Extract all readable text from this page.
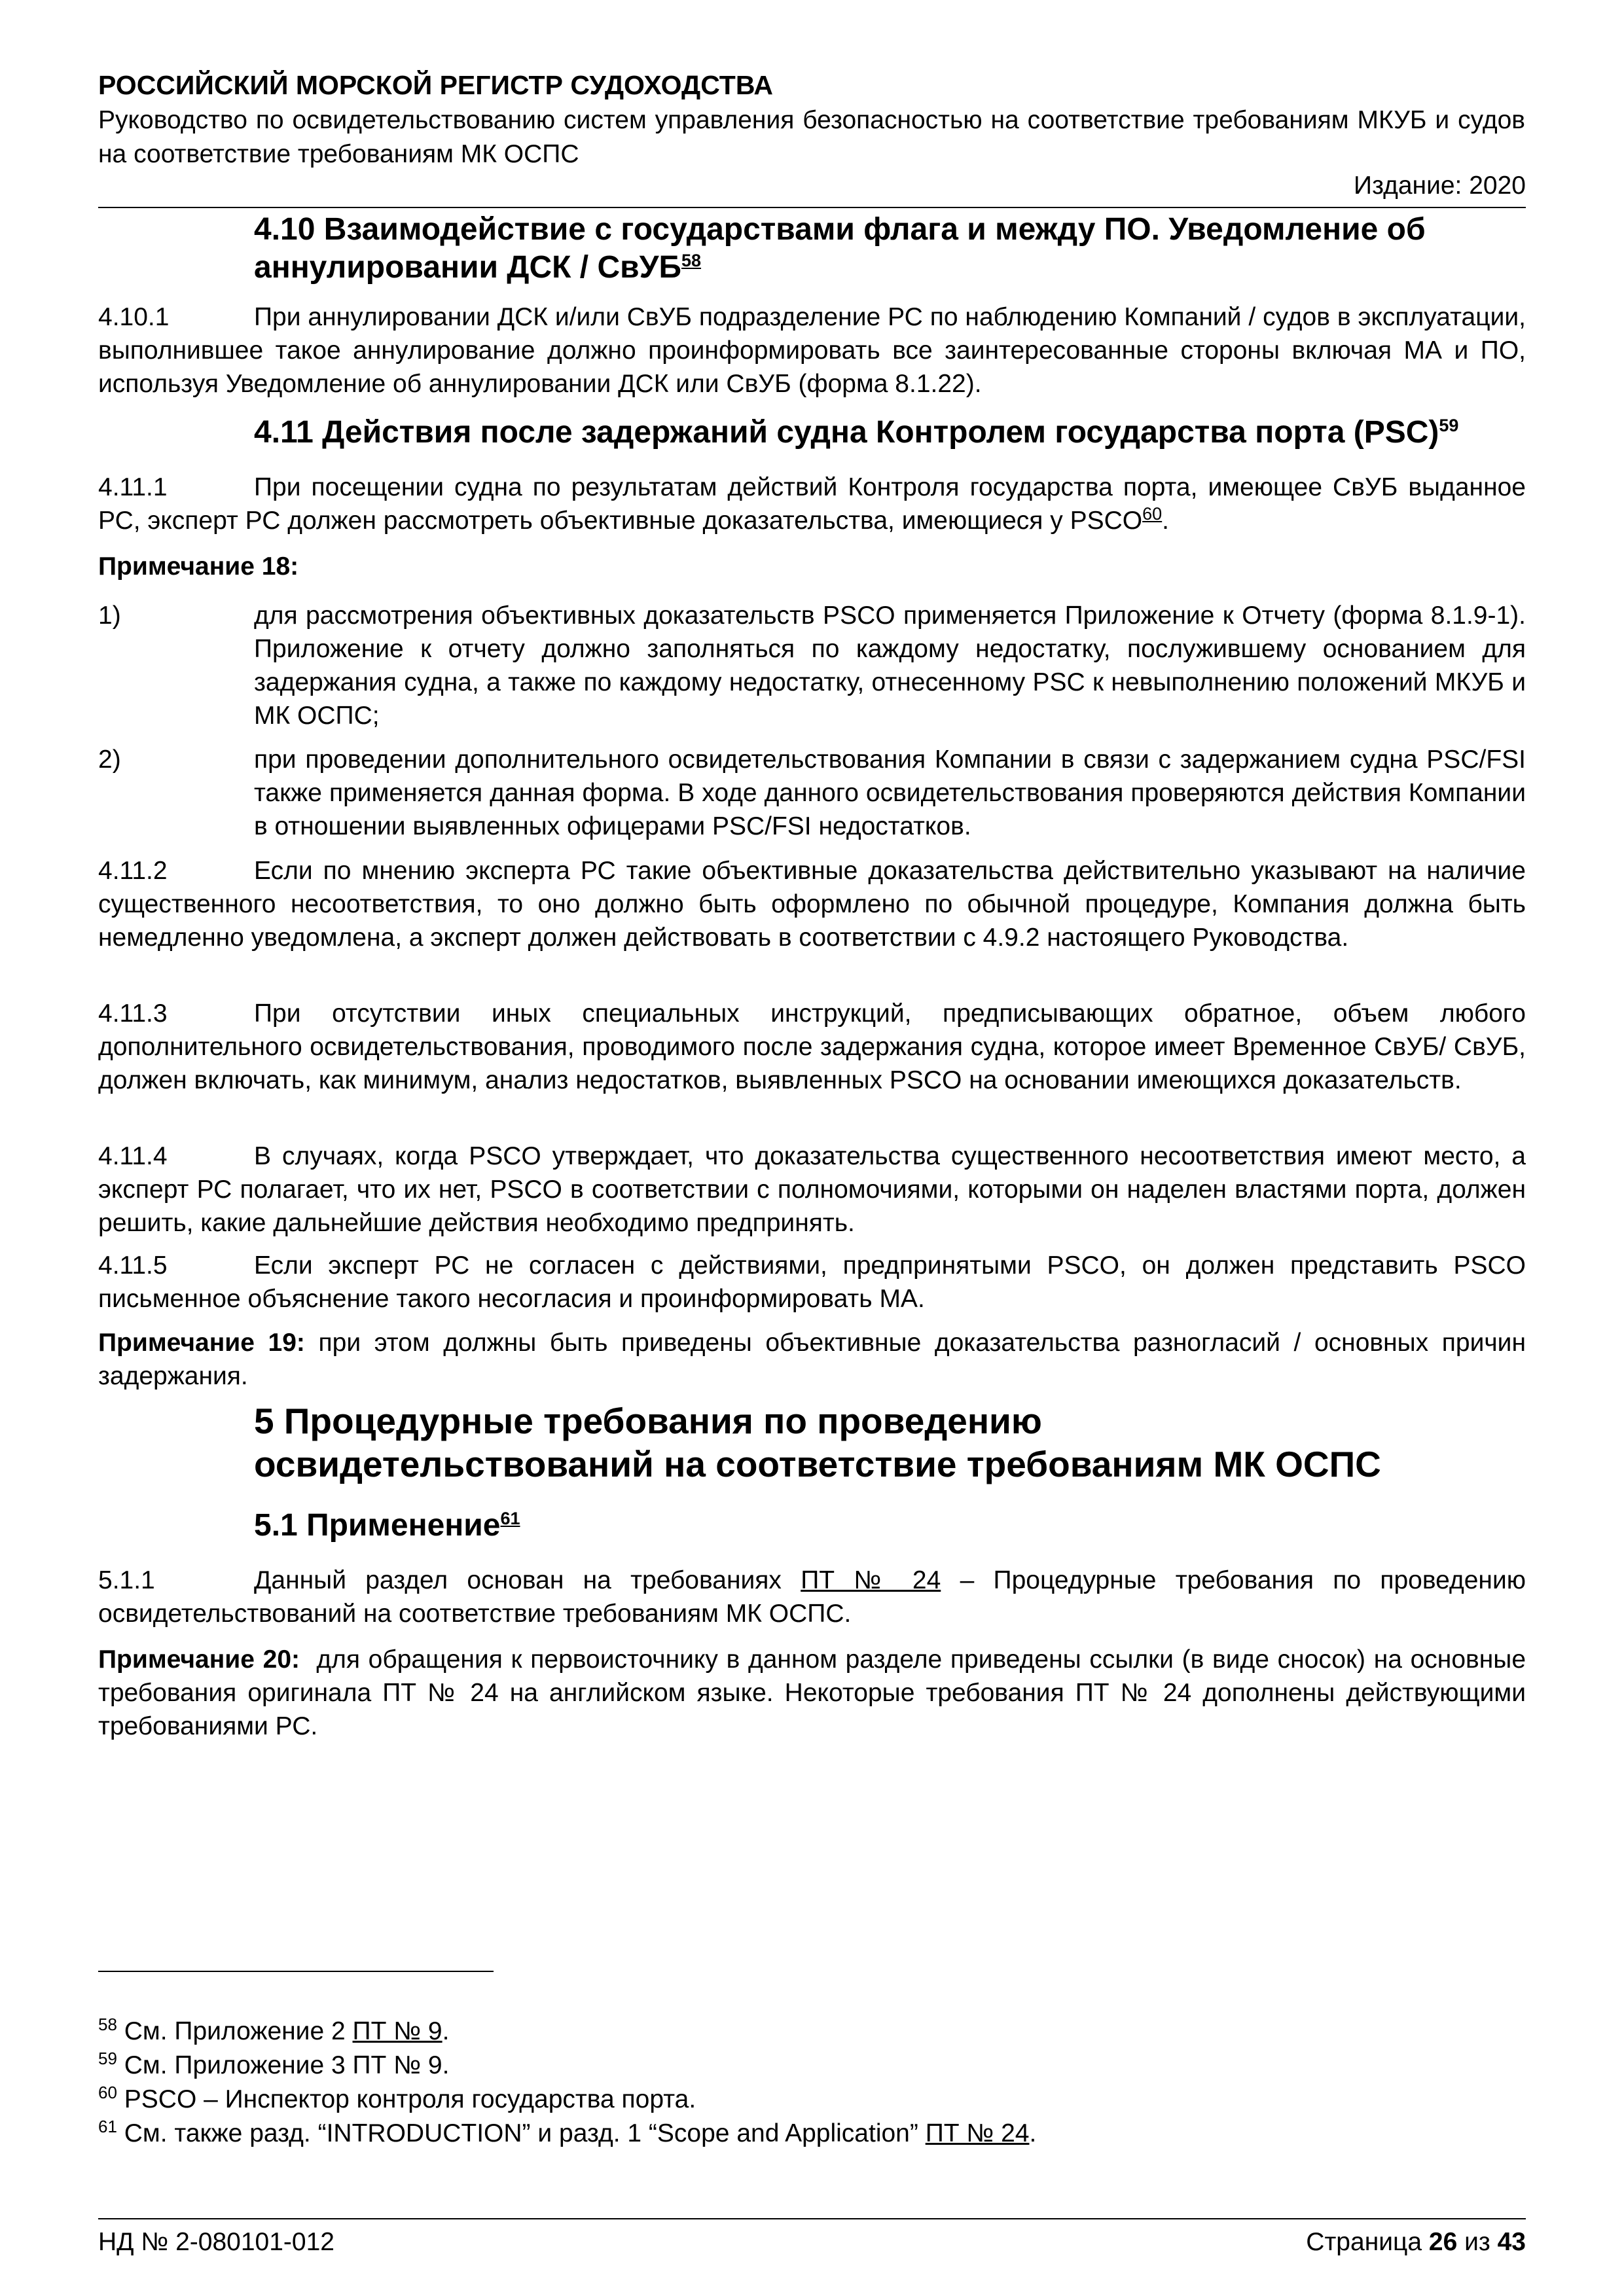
РОССИЙСКИЙ МОРСКОЙ РЕГИСТР СУДОХОДСТВА
Руководство по освидетельствованию систем управления безопасностью на соответствие требованиям МКУБ и судов на соответствие требованиям МК ОСПС
Издание: 2020
4.10 Взаимодействие с государствами флага и между ПО. Уведомление об
аннулировании ДСК / СвУБ$^{58}$
4.10.1	При аннулировании ДСК и/или СвУБ подразделение РС по наблюдению Компаний / судов в эксплуатации, выполнившее такое аннулирование должно проинформировать все заинтересованные стороны включая МА и ПО, используя Уведомление об аннулировании ДСК или СвУБ (форма 8.1.22).
4.11 Действия после задержаний судна Контролем государства порта (PSC)$^{59}$
4.11.1	При посещении судна по результатам действий Контроля государства порта, имеющее СвУБ выданное РС, эксперт РС должен рассмотреть объективные доказательства, имеющиеся у PSCO$^{60}$.
Примечание 18:
1)	для рассмотрения объективных доказательств PSCO применяется Приложение к Отчету (форма 8.1.9-1). Приложение к отчету должно заполняться по каждому недостатку, послужившему основанием для задержания судна, а также по каждому недостатку, отнесенному PSC к невыполнению положений МКУБ и МК ОСПС;
2)	при проведении дополнительного освидетельствования Компании в связи с задержанием судна PSC/FSI также применяется данная форма. В ходе данного освидетельствования проверяются действия Компании в отношении выявленных офицерами PSC/FSI недостатков.
4.11.2	Если по мнению эксперта РС такие объективные доказательства действительно указывают на наличие существенного несоответствия, то оно должно быть оформлено по обычной процедуре, Компания должна быть немедленно уведомлена, а эксперт должен действовать в соответствии с 4.9.2 настоящего Руководства.
4.11.3	При отсутствии иных специальных инструкций, предписывающих обратное, объем любого дополнительного освидетельствования, проводимого после задержания судна, которое имеет Временное СвУБ/ СвУБ, должен включать, как минимум, анализ недостатков, выявленных PSCO на основании имеющихся доказательств.
4.11.4	В случаях, когда PSCO утверждает, что доказательства существенного несоответствия имеют место, а эксперт РС полагает, что их нет, PSCO в соответствии с полномочиями, которыми он наделен властями порта, должен решить, какие дальнейшие действия необходимо предпринять.
4.11.5	Если эксперт РС не согласен с действиями, предпринятыми PSCO, он должен представить PSCO письменное объяснение такого несогласия и проинформировать МА.
Примечание 19: при этом должны быть приведены объективные доказательства разногласий / основных причин задержания.
5 Процедурные требования по проведению
освидетельствований на соответствие требованиям МК ОСПС
5.1 Применение$^{61}$
5.1.1	Данный раздел основан на требованиях ПТ № 24 – Процедурные требования по проведению освидетельствований на соответствие требованиям МК ОСПС.
Примечание 20: для обращения к первоисточнику в данном разделе приведены ссылки (в виде сносок) на основные требования оригинала ПТ № 24 на английском языке. Некоторые требования ПТ № 24 дополнены действующими требованиями РС.
$^{58}$ См. Приложение 2 ПТ № 9.
$^{59}$ См. Приложение 3 ПТ № 9.
$^{60}$ PSCO – Инспектор контроля государства порта.
$^{61}$ См. также разд. “INTRODUCTION” и разд. 1 “Scope and Application” ПТ № 24.
НД № 2-080101-012	Страница 26 из 43
